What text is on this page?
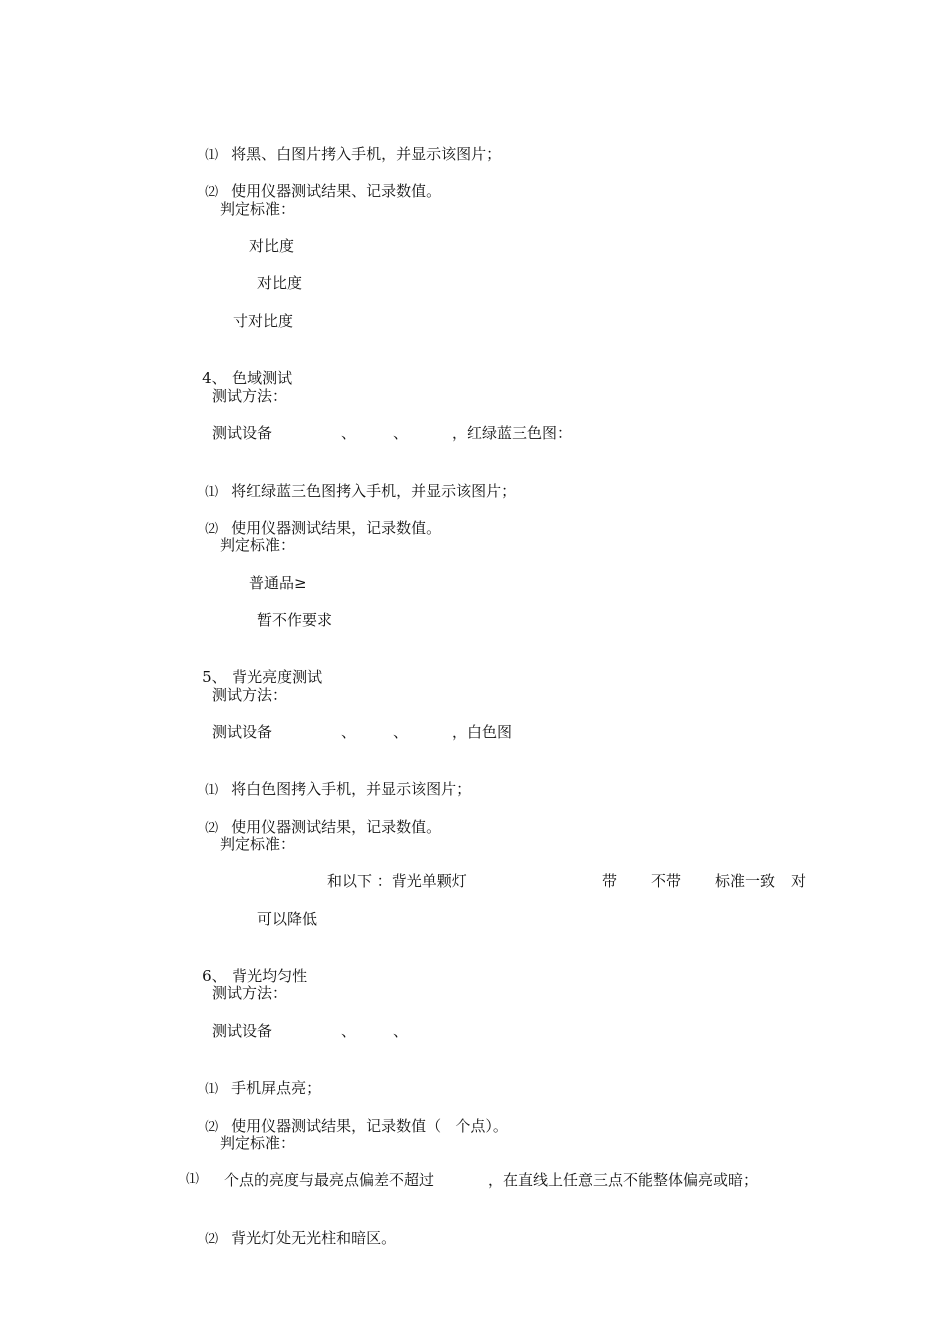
⑴ 将黑、白图片拷入手机，并显示该图片；

⑵ 使用仪器测试结果、记录数值。

判定标准：
对比度
对比度
寸对比度

4、 色域测试

测试方法：
测试设备	、 、	，红绿蓝三色图：

⑴ 将红绿蓝三色图拷入手机，并显示该图片；

⑵ 使用仪器测试结果，记录数值。

判定标准：
普通品≥
暂不作要求

5、 背光亮度测试

测试方法：
测试设备	、 、	，白色图

⑴ 将白色图拷入手机，并显示该图片；

⑵ 使用仪器测试结果，记录数值。

判定标准：
和以下 ：背光单颗灯	带 不带 标准一致 对
可以降低

6、 背光均匀性

测试方法：
测试设备	、 、

⑴ 手机屏点亮；

⑵ 使用仪器测试结果，记录数值（   个点）。

判定标准：
⑴ 个点的亮度与最亮点偏差不超过	，在直线上任意三点不能整体偏亮或暗；

⑵ 背光灯处无光柱和暗区。
